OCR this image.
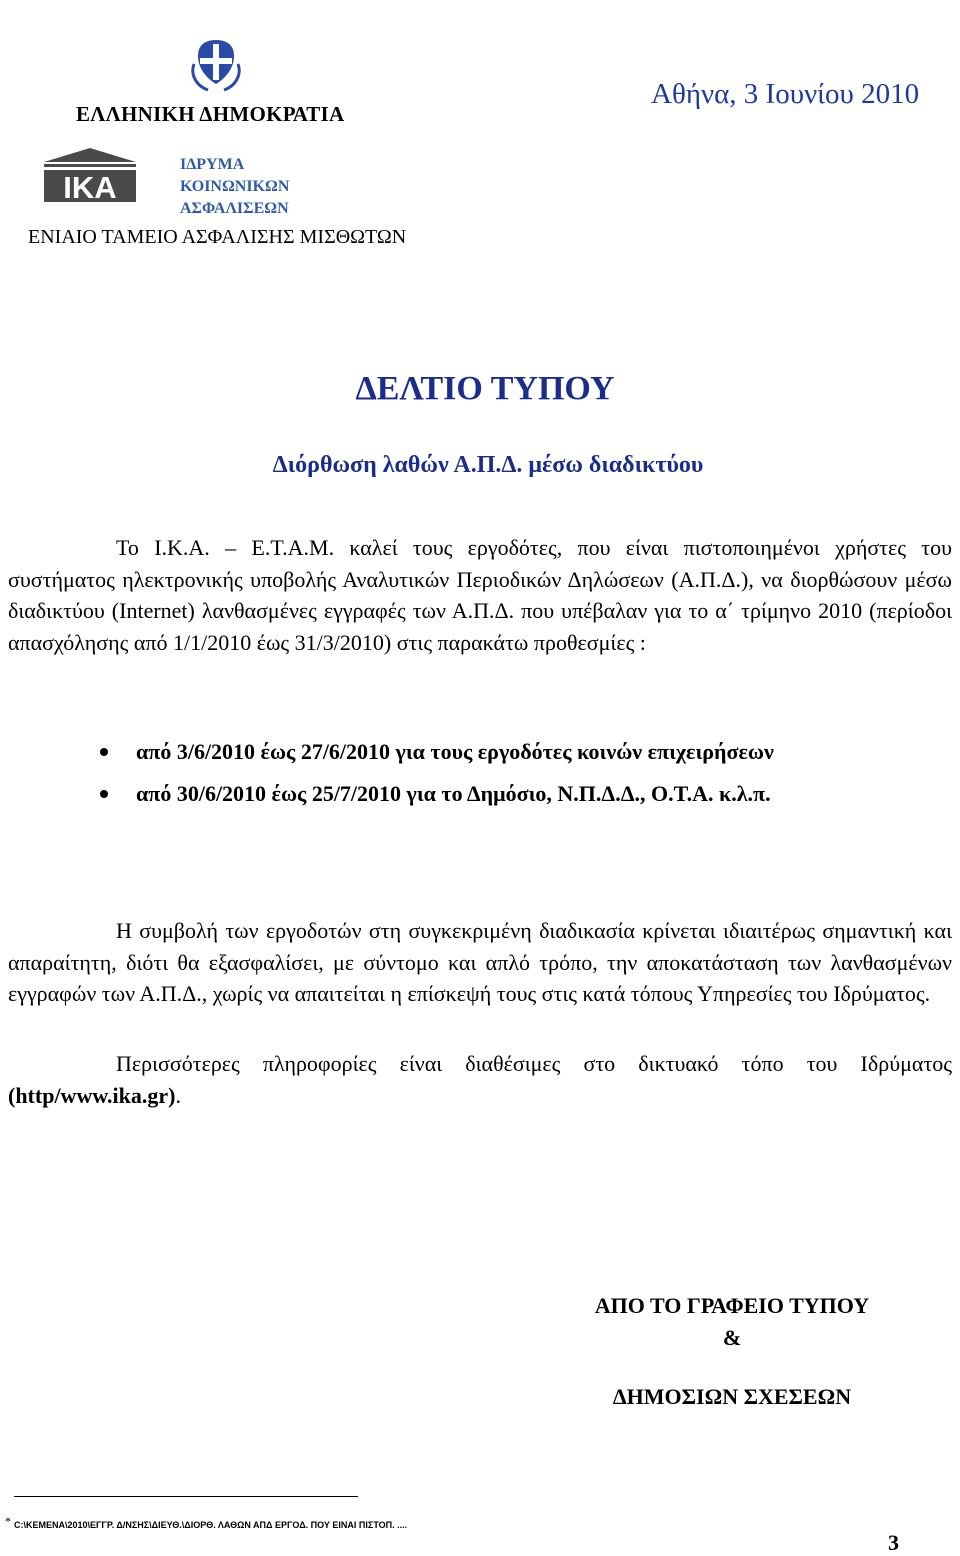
ΕΛΛΗΝΙΚΗ ΔΗΜΟΚΡΑΤΙΑ
Αθήνα, 3 Ιουνίου 2010
IKA
ΙΔΡΥΜΑ
ΚΟΙΝΩΝΙΚΩΝ
ΑΣΦΑΛΙΣΕΩΝ
ΕΝΙΑΙΟ ΤΑΜΕΙΟ ΑΣΦΑΛΙΣΗΣ ΜΙΣΘΩΤΩΝ
ΔΕΛΤΙΟ ΤΥΠΟΥ
Διόρθωση λαθών Α.Π.Δ. μέσω διαδικτύου
Το Ι.Κ.Α. – Ε.Τ.Α.Μ. καλεί τους εργοδότες, που είναι πιστοποιημένοι χρήστες του συστήματος ηλεκτρονικής υποβολής Αναλυτικών Περιοδικών Δηλώσεων (Α.Π.Δ.), να διορθώσουν μέσω διαδικτύου (Internet) λανθασμένες εγγραφές των Α.Π.Δ. που υπέβαλαν για το α΄ τρίμηνο 2010 (περίοδοι απασχόλησης από 1/1/2010 έως 31/3/2010) στις παρακάτω προθεσμίες :
από 3/6/2010 έως 27/6/2010 για τους εργοδότες κοινών επιχειρήσεων
από 30/6/2010 έως 25/7/2010 για το Δημόσιο, Ν.Π.Δ.Δ., Ο.Τ.Α. κ.λ.π.
Η συμβολή των εργοδοτών στη συγκεκριμένη διαδικασία κρίνεται ιδιαιτέρως σημαντική και απαραίτητη, διότι θα εξασφαλίσει, με σύντομο και απλό τρόπο, την αποκατάσταση των λανθασμένων εγγραφών των Α.Π.Δ., χωρίς να απαιτείται η επίσκεψή τους στις κατά τόπους Υπηρεσίες του Ιδρύματος.
Περισσότερες πληροφορίες είναι διαθέσιμες στο δικτυακό τόπο του Ιδρύματος (http/www.ika.gr).
ΑΠΟ ΤΟ ΓΡΑΦΕΙΟ ΤΥΠΟΥ
&
ΔΗΜΟΣΙΩΝ ΣΧΕΣΕΩΝ
* C:\KEMENA\2010\ΕΓΓΡ. Δ/ΝΣΗΣ\ΔΙΕΥΘ.\ΔΙΟΡΘ. ΛΑΘΩΝ ΑΠΔ ΕΡΓΟΔ. ΠΟΥ ΕΙΝΑΙ ΠΙΣΤΟΠ. ....
3
